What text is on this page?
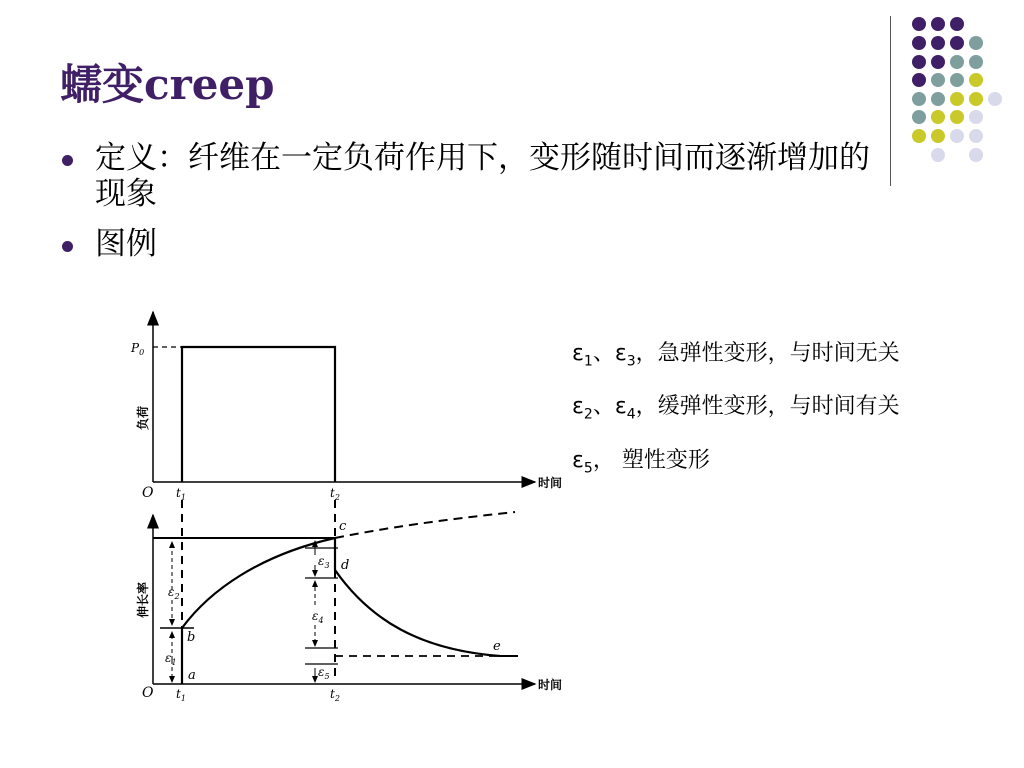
蠕变creep
定义：纤维在一定负荷作用下，变形随时间而逐渐增加的现象
图例
$\varepsilon_1$、$\varepsilon_3$，急弹性变形，与时间无关
$\varepsilon_2$、$\varepsilon_4$，缓弹性变形，与时间有关
$\varepsilon_5$， 塑性变形
$P_0$
负荷
时间
O $t_1$	$t_2$
$\varepsilon_2$
$\varepsilon_1$
$\varepsilon_3$
$\varepsilon_4$
$\varepsilon_5$
a
b
c
d
e
伸长率
时间
O $t_1$	$t_2$
